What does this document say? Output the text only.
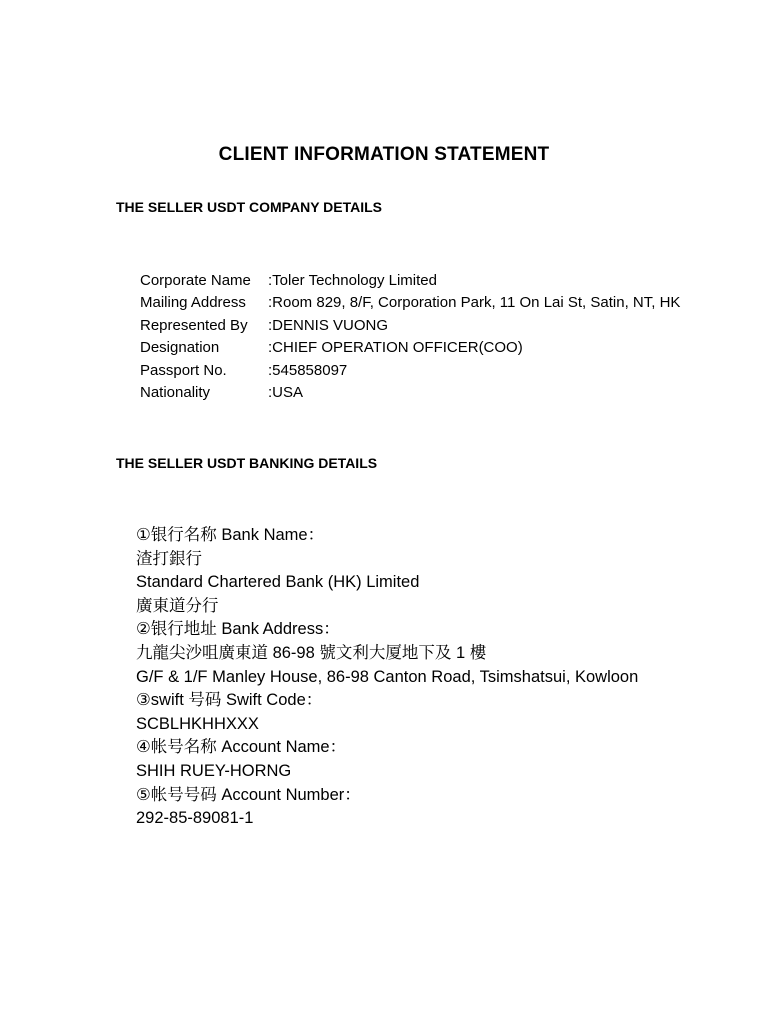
CLIENT INFORMATION STATEMENT
THE SELLER USDT COMPANY DETAILS
Corporate Name	:Toler Technology Limited
Mailing Address	:Room 829, 8/F, Corporation Park, 11 On Lai St, Satin, NT, HK
Represented By	:DENNIS VUONG
Designation	:CHIEF OPERATION OFFICER(COO)
Passport No.	:545858097
Nationality	:USA
THE SELLER USDT BANKING DETAILS
①银行名称 Bank Name：
渣打銀行
Standard Chartered Bank (HK) Limited
廣東道分行
②银行地址 Bank Address：
九龍尖沙咀廣東道 86-98 號文利大厦地下及 1 樓
G/F & 1/F Manley House, 86-98 Canton Road, Tsimshatsui, Kowloon
③swift 号码 Swift Code：
SCBLHKHHXXX
④帐号名称 Account Name：
SHIH RUEY-HORNG
⑤帐号号码 Account Number：
292-85-89081-1
